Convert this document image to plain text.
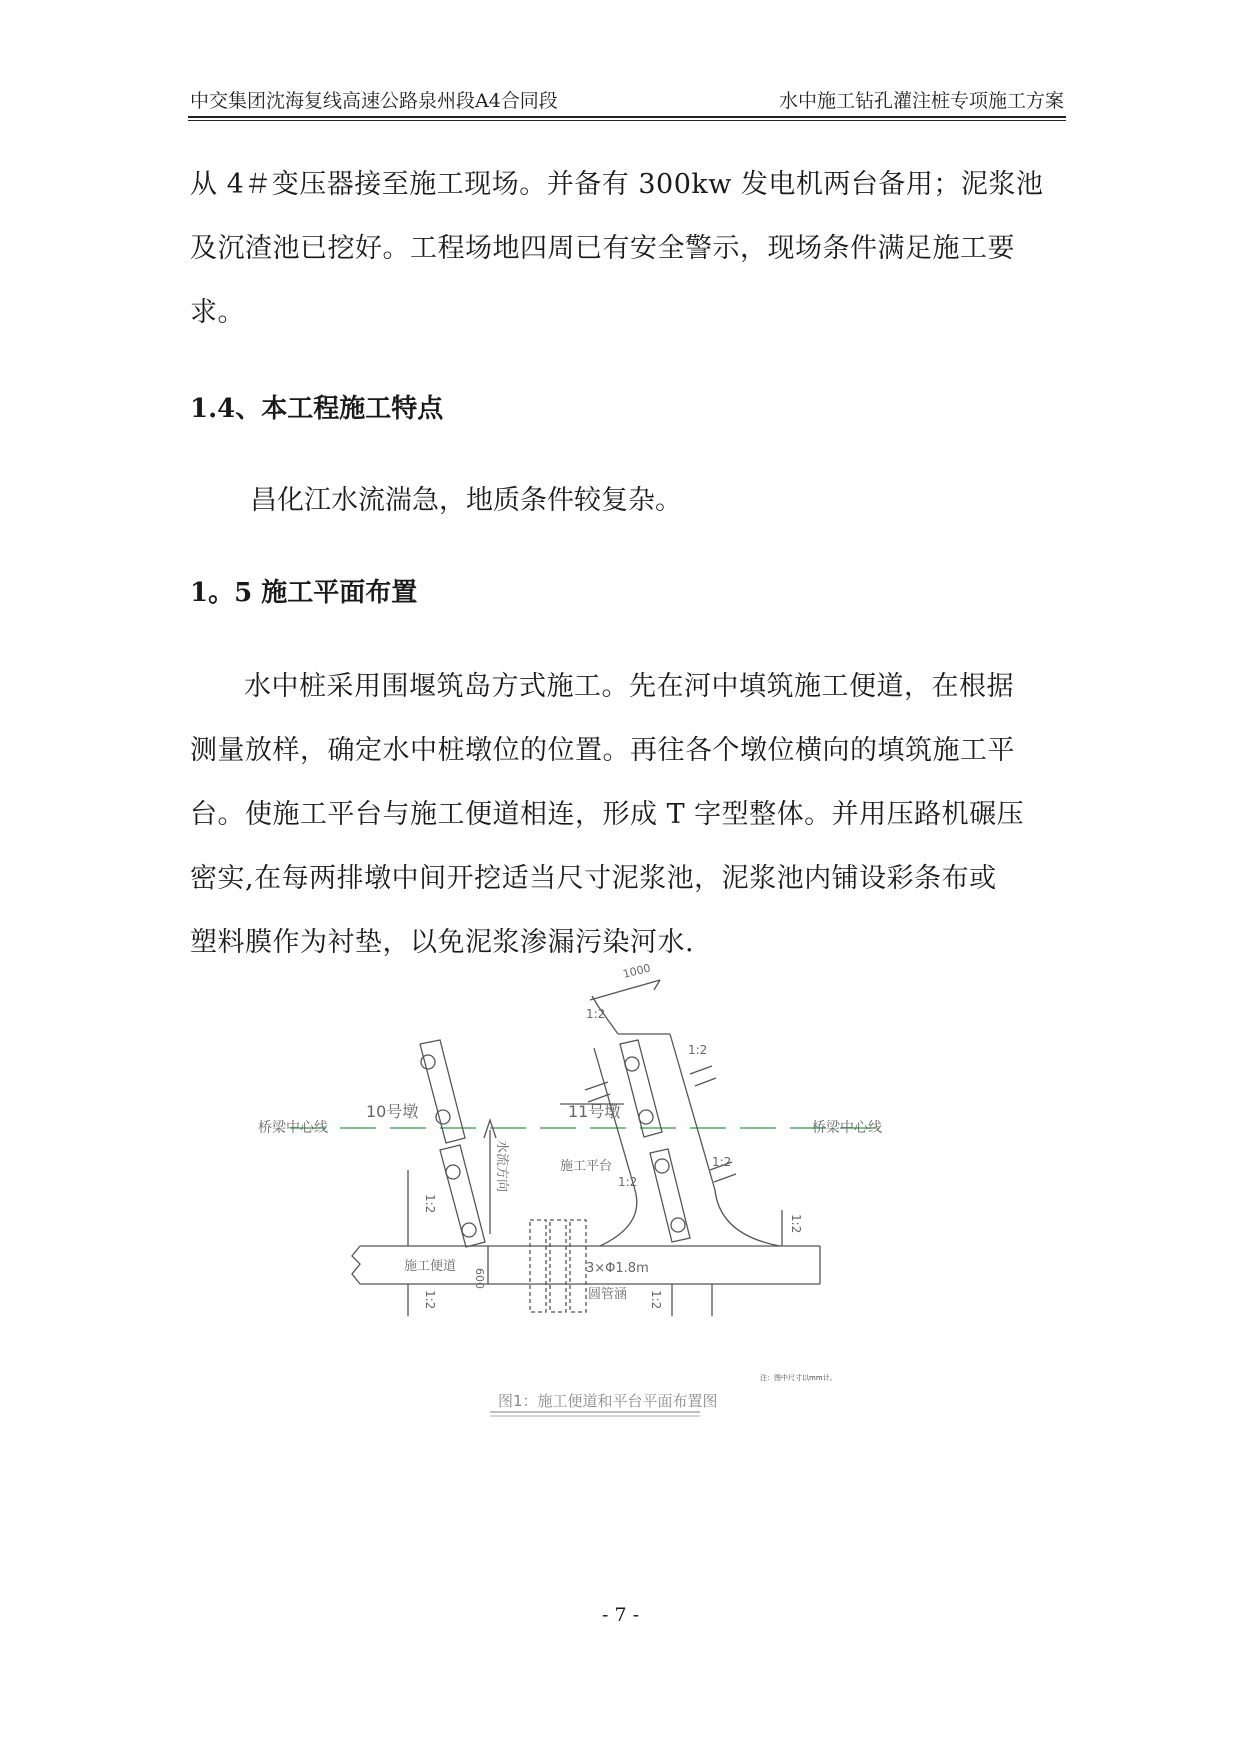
中交集团沈海复线高速公路泉州段A4合同段	水中施工钻孔灌注桩专项施工方案
从 4＃变压器接至施工现场。并备有 300kw 发电机两台备用；泥浆池
及沉渣池已挖好。工程场地四周已有安全警示，现场条件满足施工要
求。
1.4、本工程施工特点
昌化江水流湍急，地质条件较复杂。
1。5 施工平面布置
水中桩采用围堰筑岛方式施工。先在河中填筑施工便道，在根据
测量放样，确定水中桩墩位的位置。再往各个墩位横向的填筑施工平
台。使施工平台与施工便道相连，形成 T 字型整体。并用压路机碾压
密实,在每两排墩中间开挖适当尺寸泥浆池，泥浆池内铺设彩条布或
塑料膜作为衬垫，以免泥浆渗漏污染河水.
桥梁中心线	桥梁中心线
10号墩	11号墩
施工平台
施工便道	3×Φ1.8m
圆管涵
1000
600
水流方向
1:2
1:2
1:2
1:2
1:2
1:2	1:2
1:2
图1：施工便道和平台平面布置图
注：图中尺寸以mm计。
- 7 -
